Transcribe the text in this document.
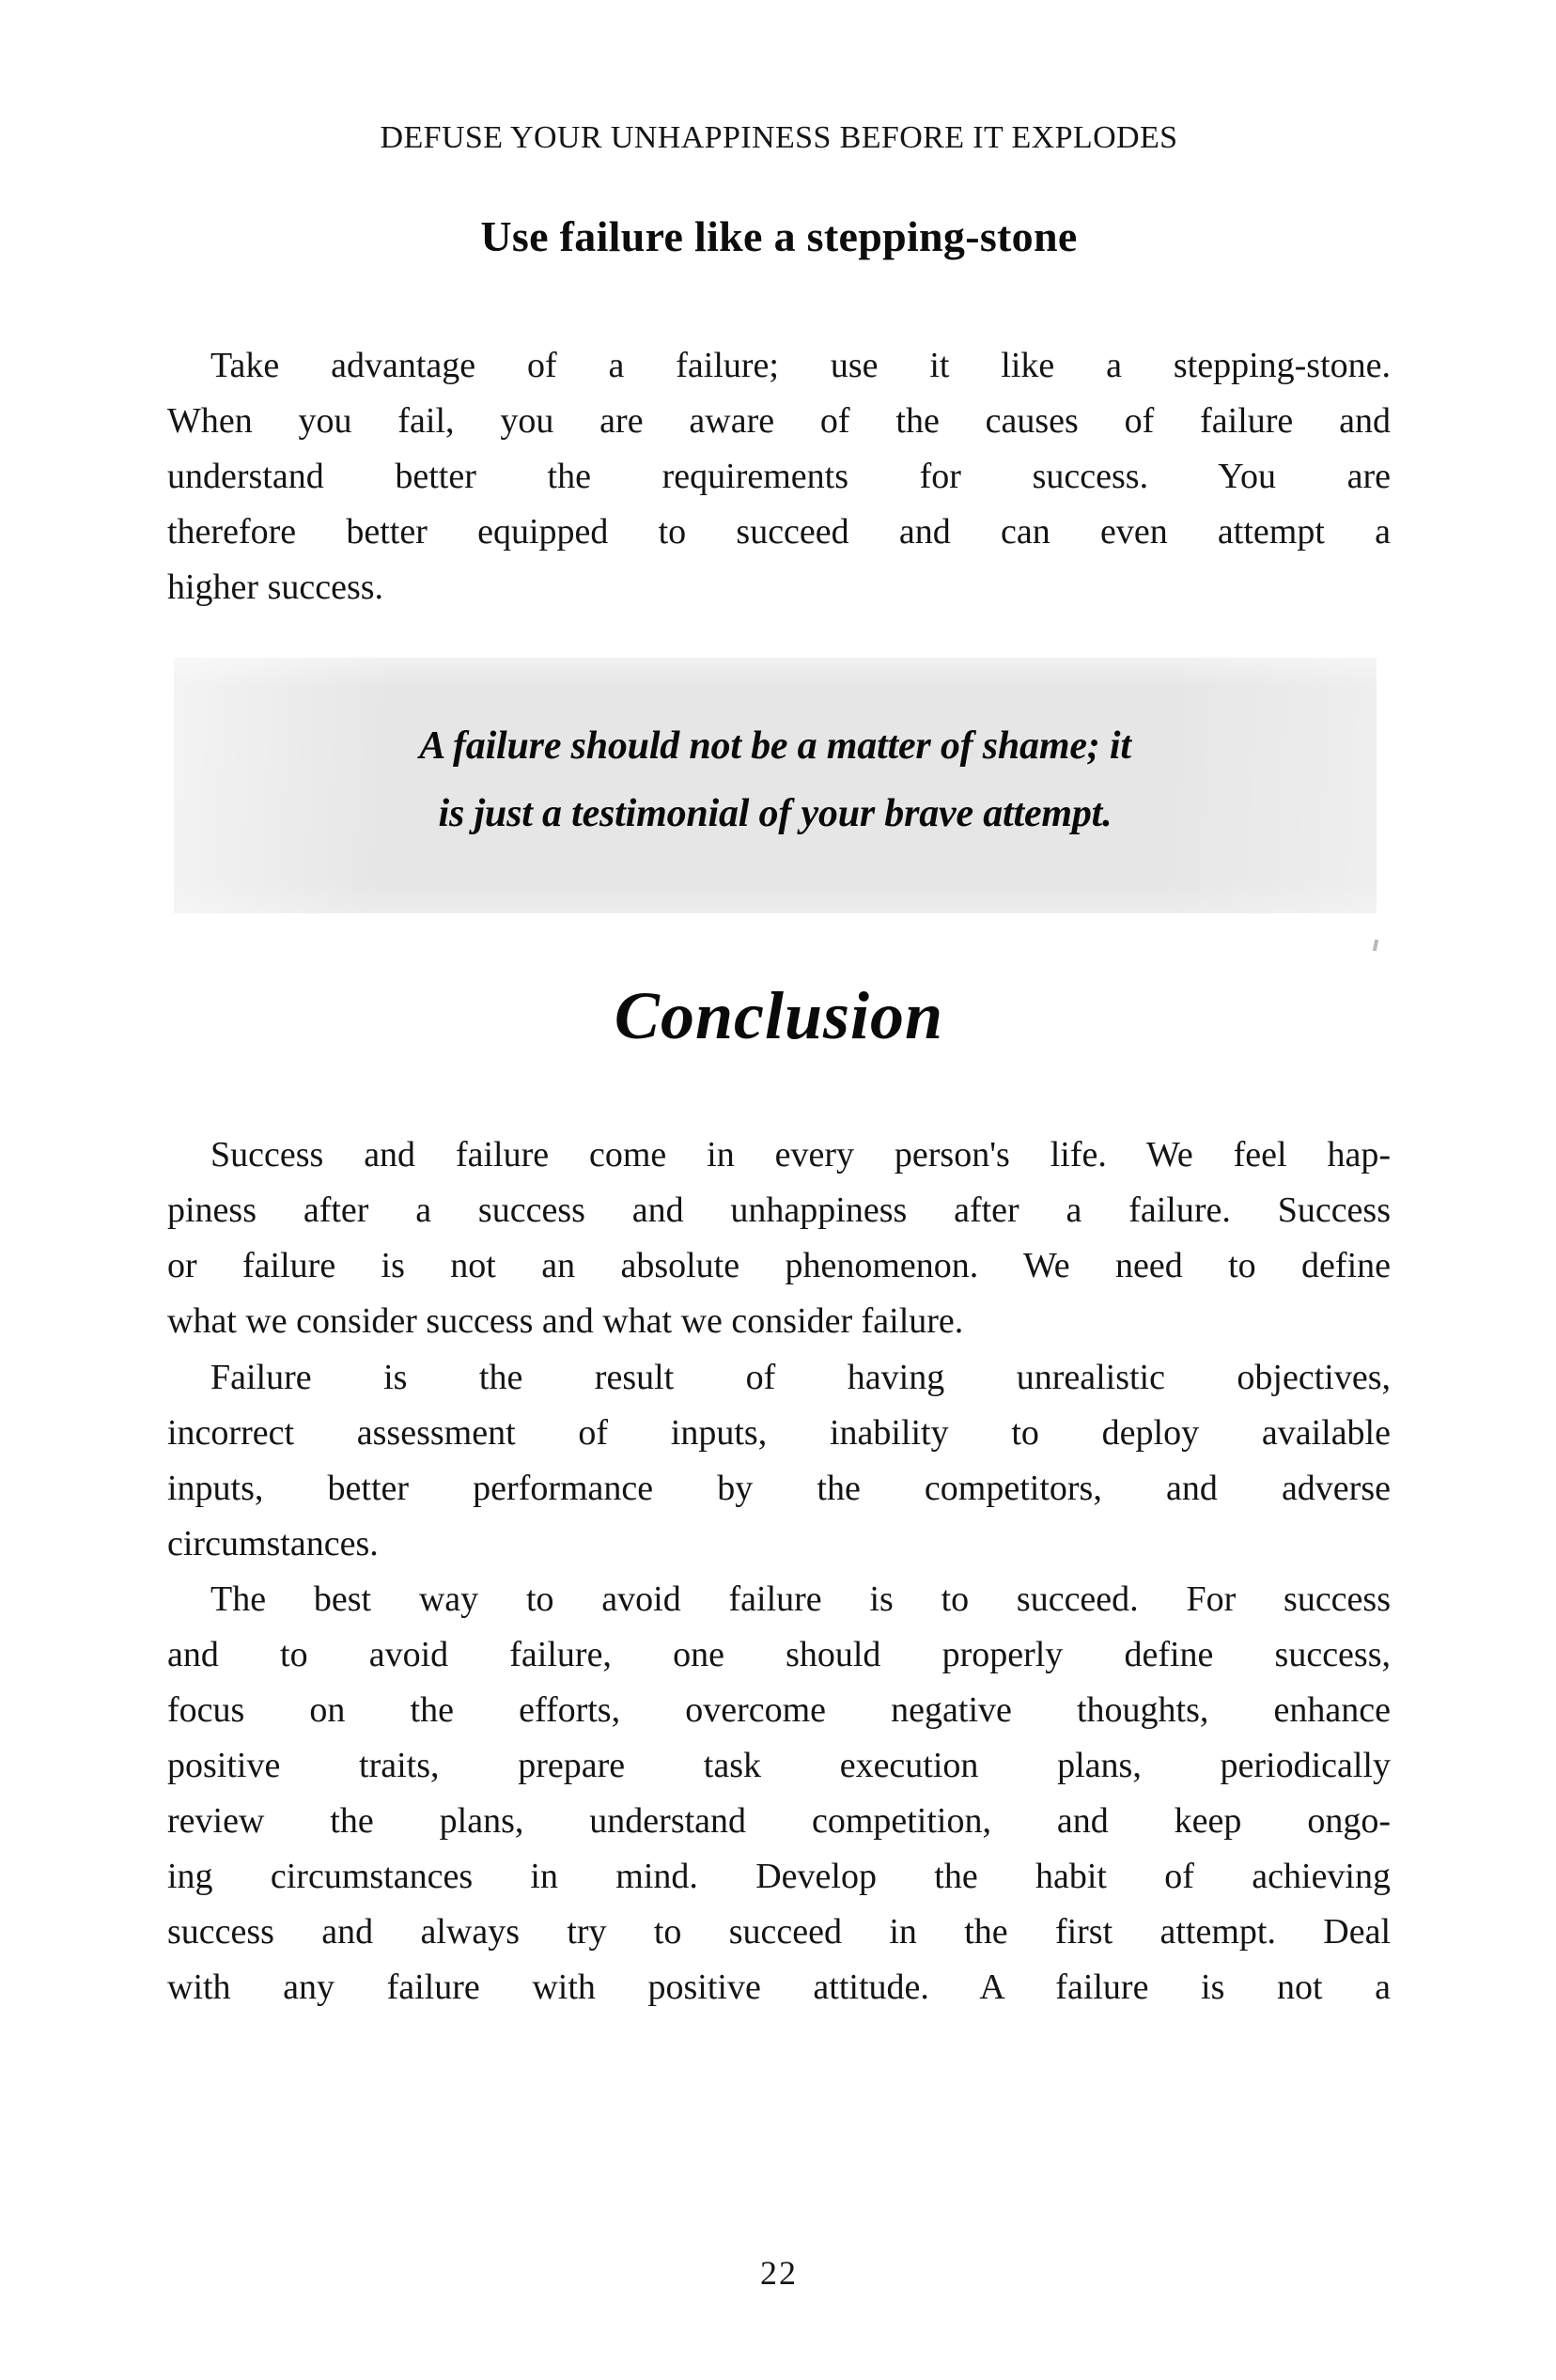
DEFUSE YOUR UNHAPPINESS BEFORE IT EXPLODES
Use failure like a stepping-stone
Take advantage of a failure; use it like a stepping-stone.
When you fail, you are aware of the causes of failure and
understand better the requirements for success. You are
therefore better equipped to succeed and can even attempt a
higher success.
A failure should not be a matter of shame; it
is just a testimonial of your brave attempt.
Conclusion
Success and failure come in every person's life. We feel hap-
piness after a success and unhappiness after a failure. Success
or failure is not an absolute phenomenon. We need to define
what we consider success and what we consider failure.
Failure is the result of having unrealistic objectives,
incorrect assessment of inputs, inability to deploy available
inputs, better performance by the competitors, and adverse
circumstances.
The best way to avoid failure is to succeed. For success
and to avoid failure, one should properly define success,
focus on the efforts, overcome negative thoughts, enhance
positive traits, prepare task execution plans, periodically
review the plans, understand competition, and keep ongo-
ing circumstances in mind. Develop the habit of achieving
success and always try to succeed in the first attempt. Deal
with any failure with positive attitude. A failure is not a
22
